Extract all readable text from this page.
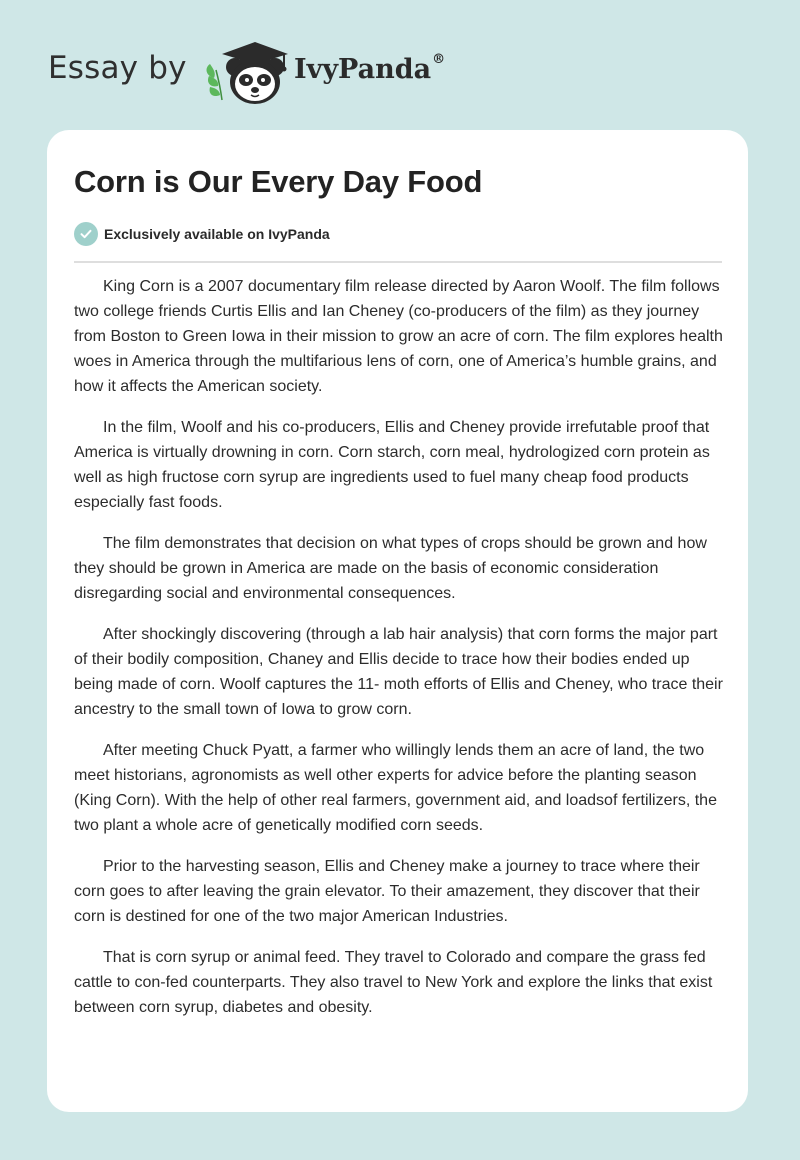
Essay by	IvyPanda®
Corn is Our Every Day Food
Exclusively available on IvyPanda

King Corn is a 2007 documentary film release directed by Aaron Woolf. The film follows two college friends Curtis Ellis and Ian Cheney (co-producers of the film) as they journey from Boston to Green Iowa in their mission to grow an acre of corn. The film explores health woes in America through the multifarious lens of corn, one of America’s humble grains, and how it affects the American society.

In the film, Woolf and his co-producers, Ellis and Cheney provide irrefutable proof that America is virtually drowning in corn. Corn starch, corn meal, hydrologized corn protein as well as high fructose corn syrup are ingredients used to fuel many cheap food products especially fast foods.

The film demonstrates that decision on what types of crops should be grown and how they should be grown in America are made on the basis of economic consideration disregarding social and environmental consequences.

After shockingly discovering (through a lab hair analysis) that corn forms the major part of their bodily composition, Chaney and Ellis decide to trace how their bodies ended up being made of corn. Woolf captures the 11- moth efforts of Ellis and Cheney, who trace their ancestry to the small town of Iowa to grow corn.

After meeting Chuck Pyatt, a farmer who willingly lends them an acre of land, the two meet historians, agronomists as well other experts for advice before the planting season (King Corn). With the help of other real farmers, government aid, and loadsof fertilizers, the two plant a whole acre of genetically modified corn seeds.

Prior to the harvesting season, Ellis and Cheney make a journey to trace where their corn goes to after leaving the grain elevator. To their amazement, they discover that their corn is destined for one of the two major American Industries.

That is corn syrup or animal feed. They travel to Colorado and compare the grass fed cattle to con-fed counterparts. They also travel to New York and explore the links that exist between corn syrup, diabetes and obesity.
